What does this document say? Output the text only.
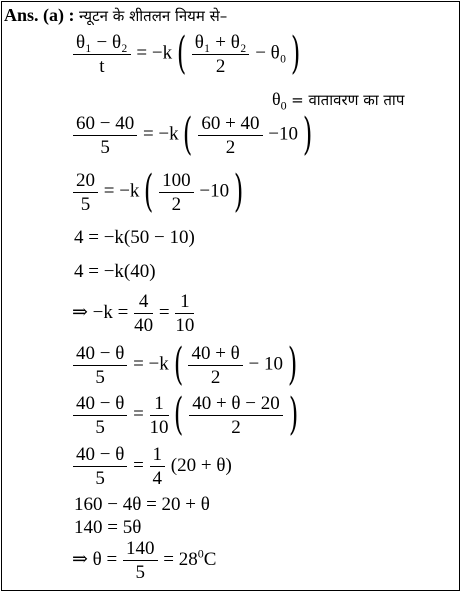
Ans. (a) : न्यूटन के शीतलन नियम से–
$\frac{\text{θ₁ − θ₂}}{t} = -k$ ( $\frac{\text{θ₁ + θ₂}}{2} - \theta_0$ )
$\theta_0$ = वातावरण का ताप
$\frac{60 - 40}{5} = -k$ ( $\frac{60 + 40}{2} -10$ )
$\frac{20}{5} = -k$ ( $\frac{100}{2} -10$ )
4 = −k(50 − 10)
4 = −k(40)
⇒ $-k = \frac{4}{40} = \frac{1}{10}$
$\frac{40 - \theta}{5} = -k$ ( $\frac{40 + \theta}{2} - 10$ )
$\frac{40 - \theta}{5} = \frac{1}{10}$ ( $\frac{40 + \theta - 20}{2}$ )
$\frac{40 - \theta}{5} = \frac{1}{4} (20 + \theta)$
160 − 4θ = 20 + θ
140 = 5θ
⇒ $\theta = \frac{140}{5} = 28^0C$
